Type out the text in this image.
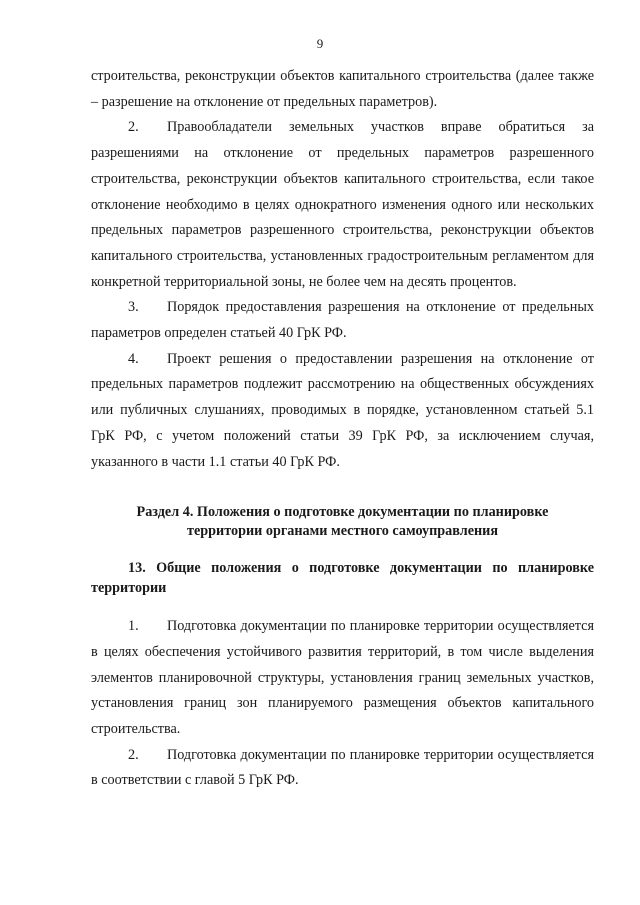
9

строительства, реконструкции объектов капитального строительства (далее также – разрешение на отклонение от предельных параметров).

2. Правообладатели земельных участков вправе обратиться за разрешениями на отклонение от предельных параметров разрешенного строительства, реконструкции объектов капитального строительства, если такое отклонение необходимо в целях однократного изменения одного или нескольких предельных параметров разрешенного строительства, реконструкции объектов капитального строительства, установленных градостроительным регламентом для конкретной территориальной зоны, не более чем на десять процентов.

3. Порядок предоставления разрешения на отклонение от предельных параметров определен статьей 40 ГрК РФ.

4. Проект решения о предоставлении разрешения на отклонение от предельных параметров подлежит рассмотрению на общественных обсуждениях или публичных слушаниях, проводимых в порядке, установленном статьей 5.1 ГрК РФ, с учетом положений статьи 39 ГрК РФ, за исключением случая, указанного в части 1.1 статьи 40 ГрК РФ.

Раздел 4. Положения о подготовке документации по планировке
территории органами местного самоуправления

13. Общие положения о подготовке документации по планировке территории

1. Подготовка документации по планировке территории осуществляется в целях обеспечения устойчивого развития территорий, в том числе выделения элементов планировочной структуры, установления границ земельных участков, установления границ зон планируемого размещения объектов капитального строительства.

2. Подготовка документации по планировке территории осуществляется в соответствии с главой 5 ГрК РФ.
